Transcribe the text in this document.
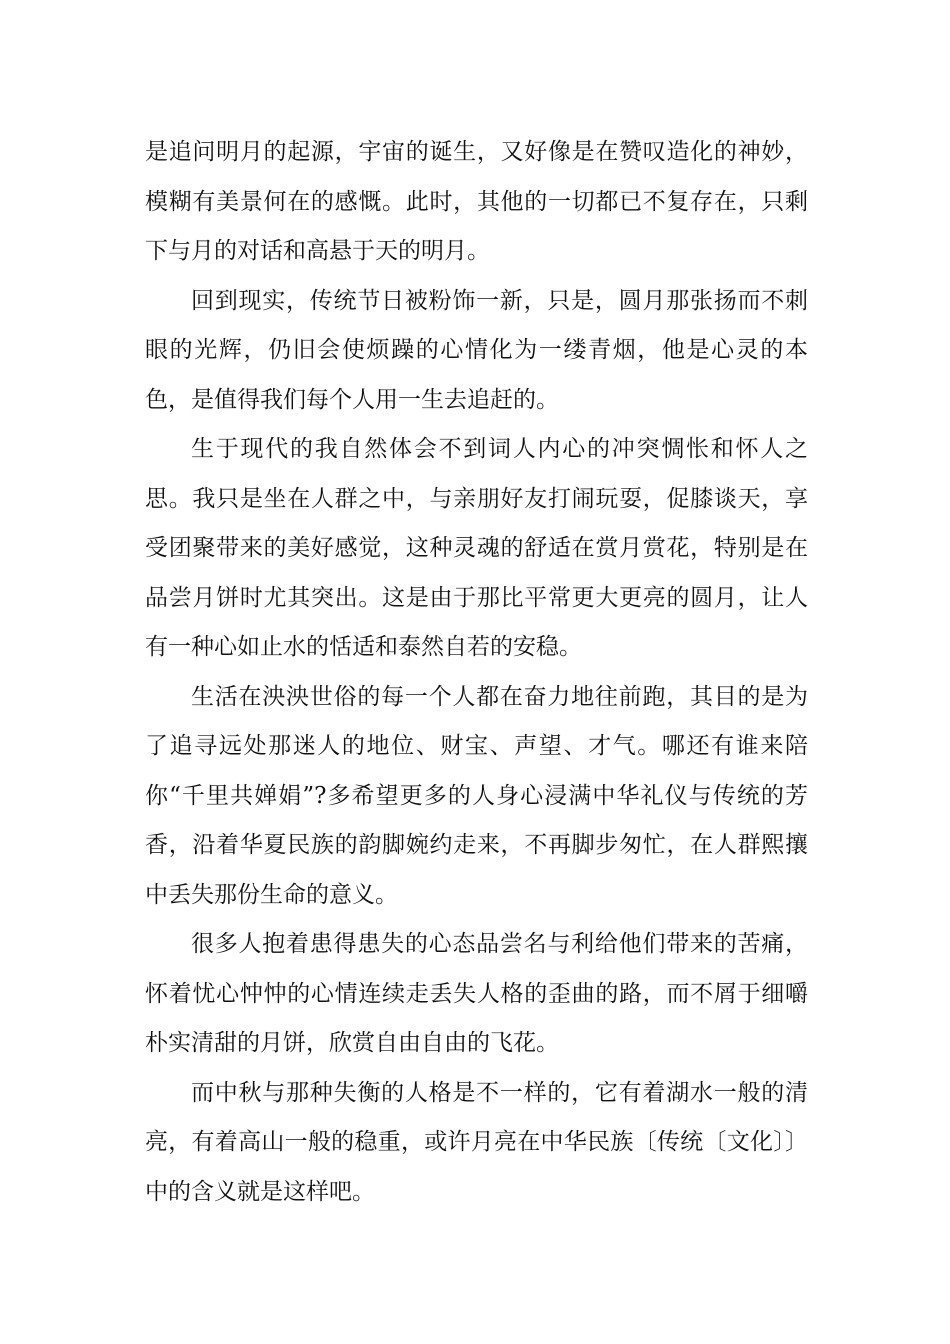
是追问明月的起源，宇宙的诞生，又好像是在赞叹造化的神妙，模糊有美景何在的感慨。此时，其他的一切都已不复存在，只剩下与月的对话和高悬于天的明月。

回到现实，传统节日被粉饰一新，只是，圆月那张扬而不刺眼的光辉，仍旧会使烦躁的心情化为一缕青烟，他是心灵的本色，是值得我们每个人用一生去追赶的。

生于现代的我自然体会不到词人内心的冲突惆怅和怀人之思。我只是坐在人群之中，与亲朋好友打闹玩耍，促膝谈天，享受团聚带来的美好感觉，这种灵魂的舒适在赏月赏花，特别是在品尝月饼时尤其突出。这是由于那比平常更大更亮的圆月，让人有一种心如止水的恬适和泰然自若的安稳。

生活在泱泱世俗的每一个人都在奋力地往前跑，其目的是为了追寻远处那迷人的地位、财宝、声望、才气。哪还有谁来陪你“千里共婵娟”?多希望更多的人身心浸满中华礼仪与传统的芳香，沿着华夏民族的韵脚婉约走来，不再脚步匆忙，在人群熙攘中丢失那份生命的意义。

很多人抱着患得患失的心态品尝名与利给他们带来的苦痛，怀着忧心忡忡的心情连续走丢失人格的歪曲的路，而不屑于细嚼朴实清甜的月饼，欣赏自由自由的飞花。

而中秋与那种失衡的人格是不一样的，它有着湖水一般的清亮，有着高山一般的稳重，或许月亮在中华民族〔传统〔文化〕〕中的含义就是这样吧。
